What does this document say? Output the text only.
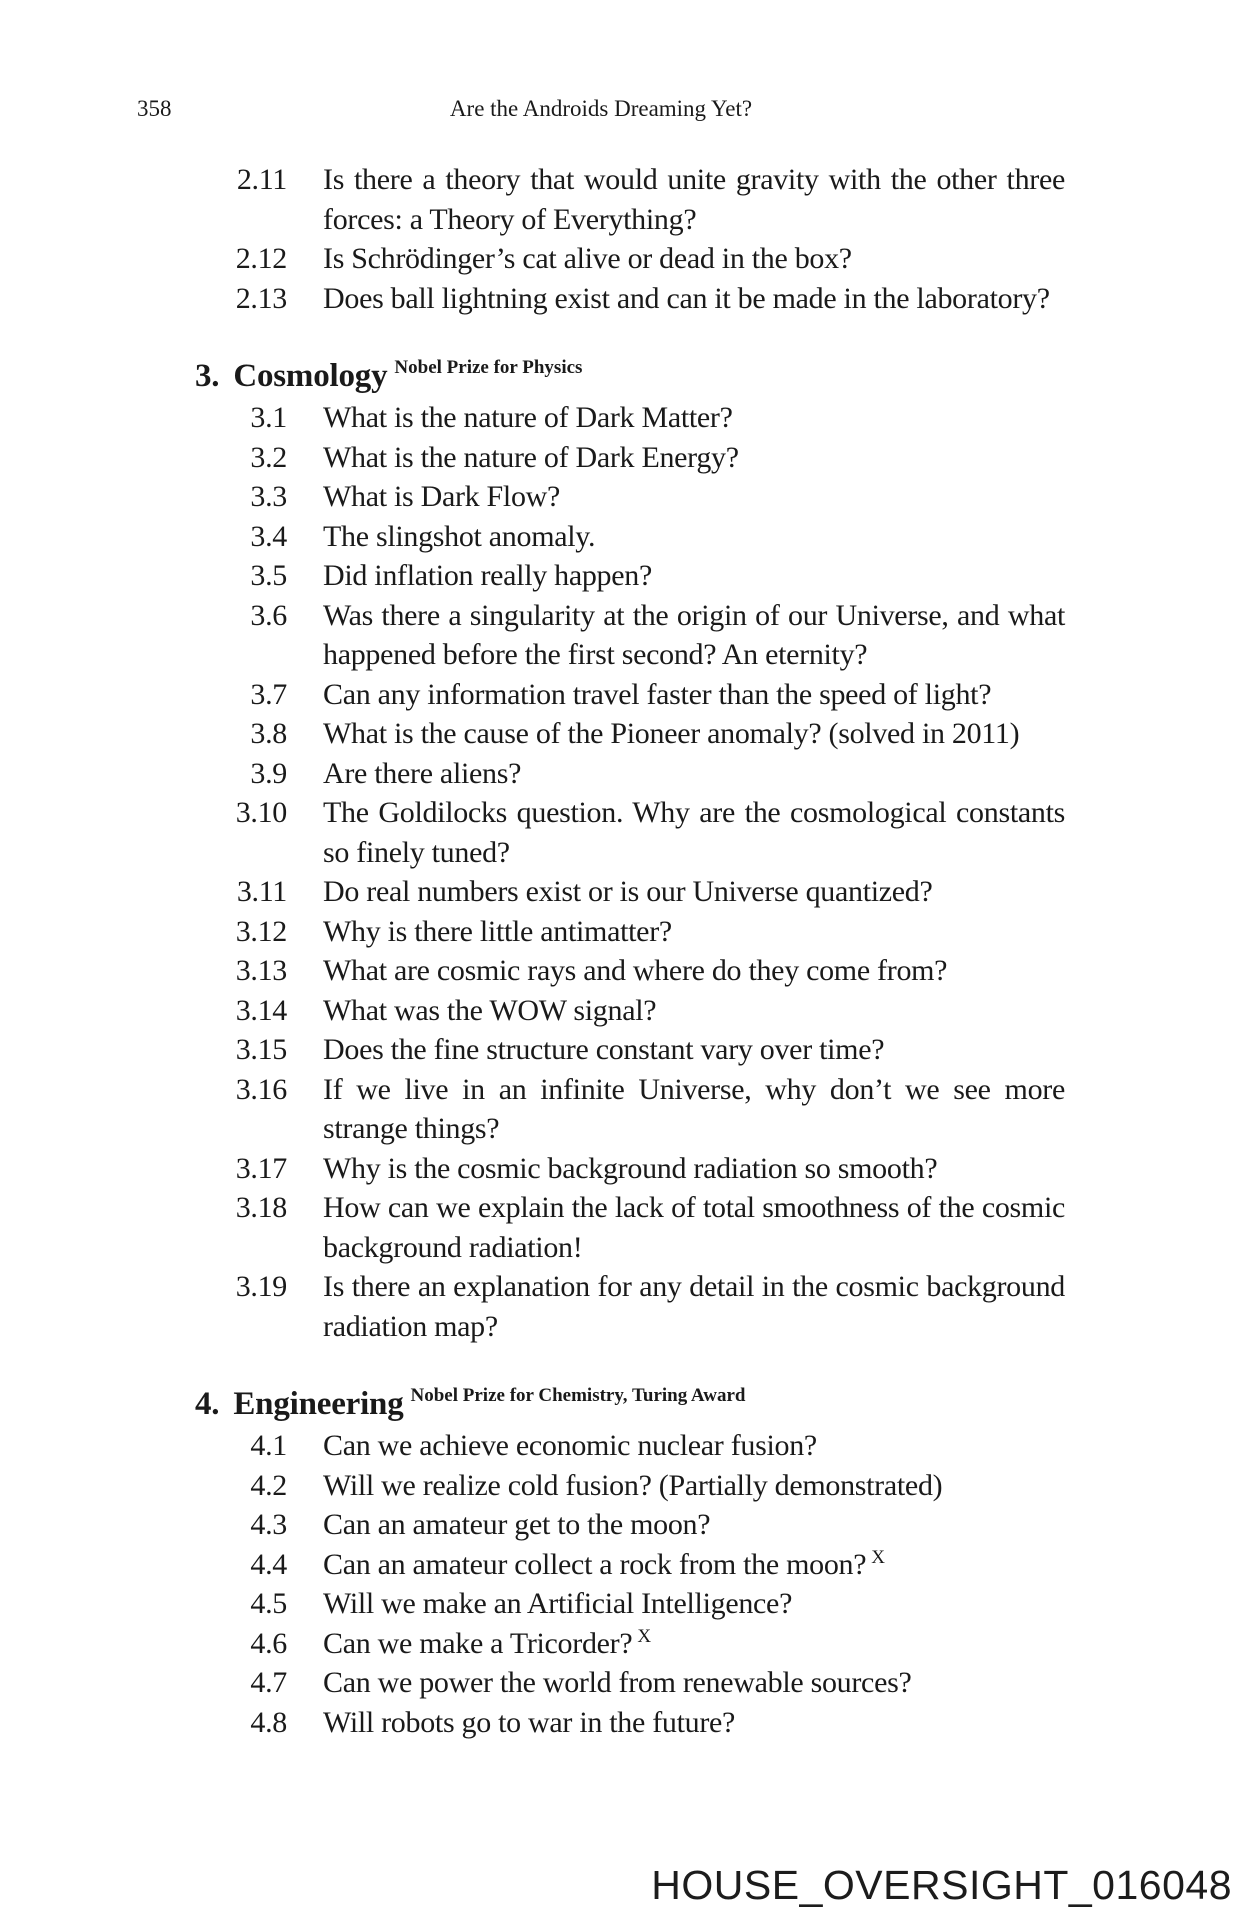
358	Are the Androids Dreaming Yet?
2.11 Is there a theory that would unite gravity with the other three forces: a Theory of Everything?
2.12 Is Schrödinger’s cat alive or dead in the box?
2.13 Does ball lightning exist and can it be made in the laboratory?
3. Cosmology $^{Nobel Prize for Physics}$
3.1 What is the nature of Dark Matter?
3.2 What is the nature of Dark Energy?
3.3 What is Dark Flow?
3.4 The slingshot anomaly.
3.5 Did inflation really happen?
3.6 Was there a singularity at the origin of our Universe, and what happened before the first second? An eternity?
3.7 Can any information travel faster than the speed of light?
3.8 What is the cause of the Pioneer anomaly? (solved in 2011)
3.9 Are there aliens?
3.10 The Goldilocks question. Why are the cosmological constants so finely tuned?
3.11 Do real numbers exist or is our Universe quantized?
3.12 Why is there little antimatter?
3.13 What are cosmic rays and where do they come from?
3.14 What was the WOW signal?
3.15 Does the fine structure constant vary over time?
3.16 If we live in an infinite Universe, why don’t we see more strange things?
3.17 Why is the cosmic background radiation so smooth?
3.18 How can we explain the lack of total smoothness of the cosmic background radiation!
3.19 Is there an explanation for any detail in the cosmic background radiation map?
4. Engineering $^{Nobel Prize for Chemistry, Turing Award}$
4.1 Can we achieve economic nuclear fusion?
4.2 Will we realize cold fusion? (Partially demonstrated)
4.3 Can an amateur get to the moon?
4.4 Can an amateur collect a rock from the moon? $^X$
4.5 Will we make an Artificial Intelligence?
4.6 Can we make a Tricorder? $^X$
4.7 Can we power the world from renewable sources?
4.8 Will robots go to war in the future?
HOUSE_OVERSIGHT_016048
